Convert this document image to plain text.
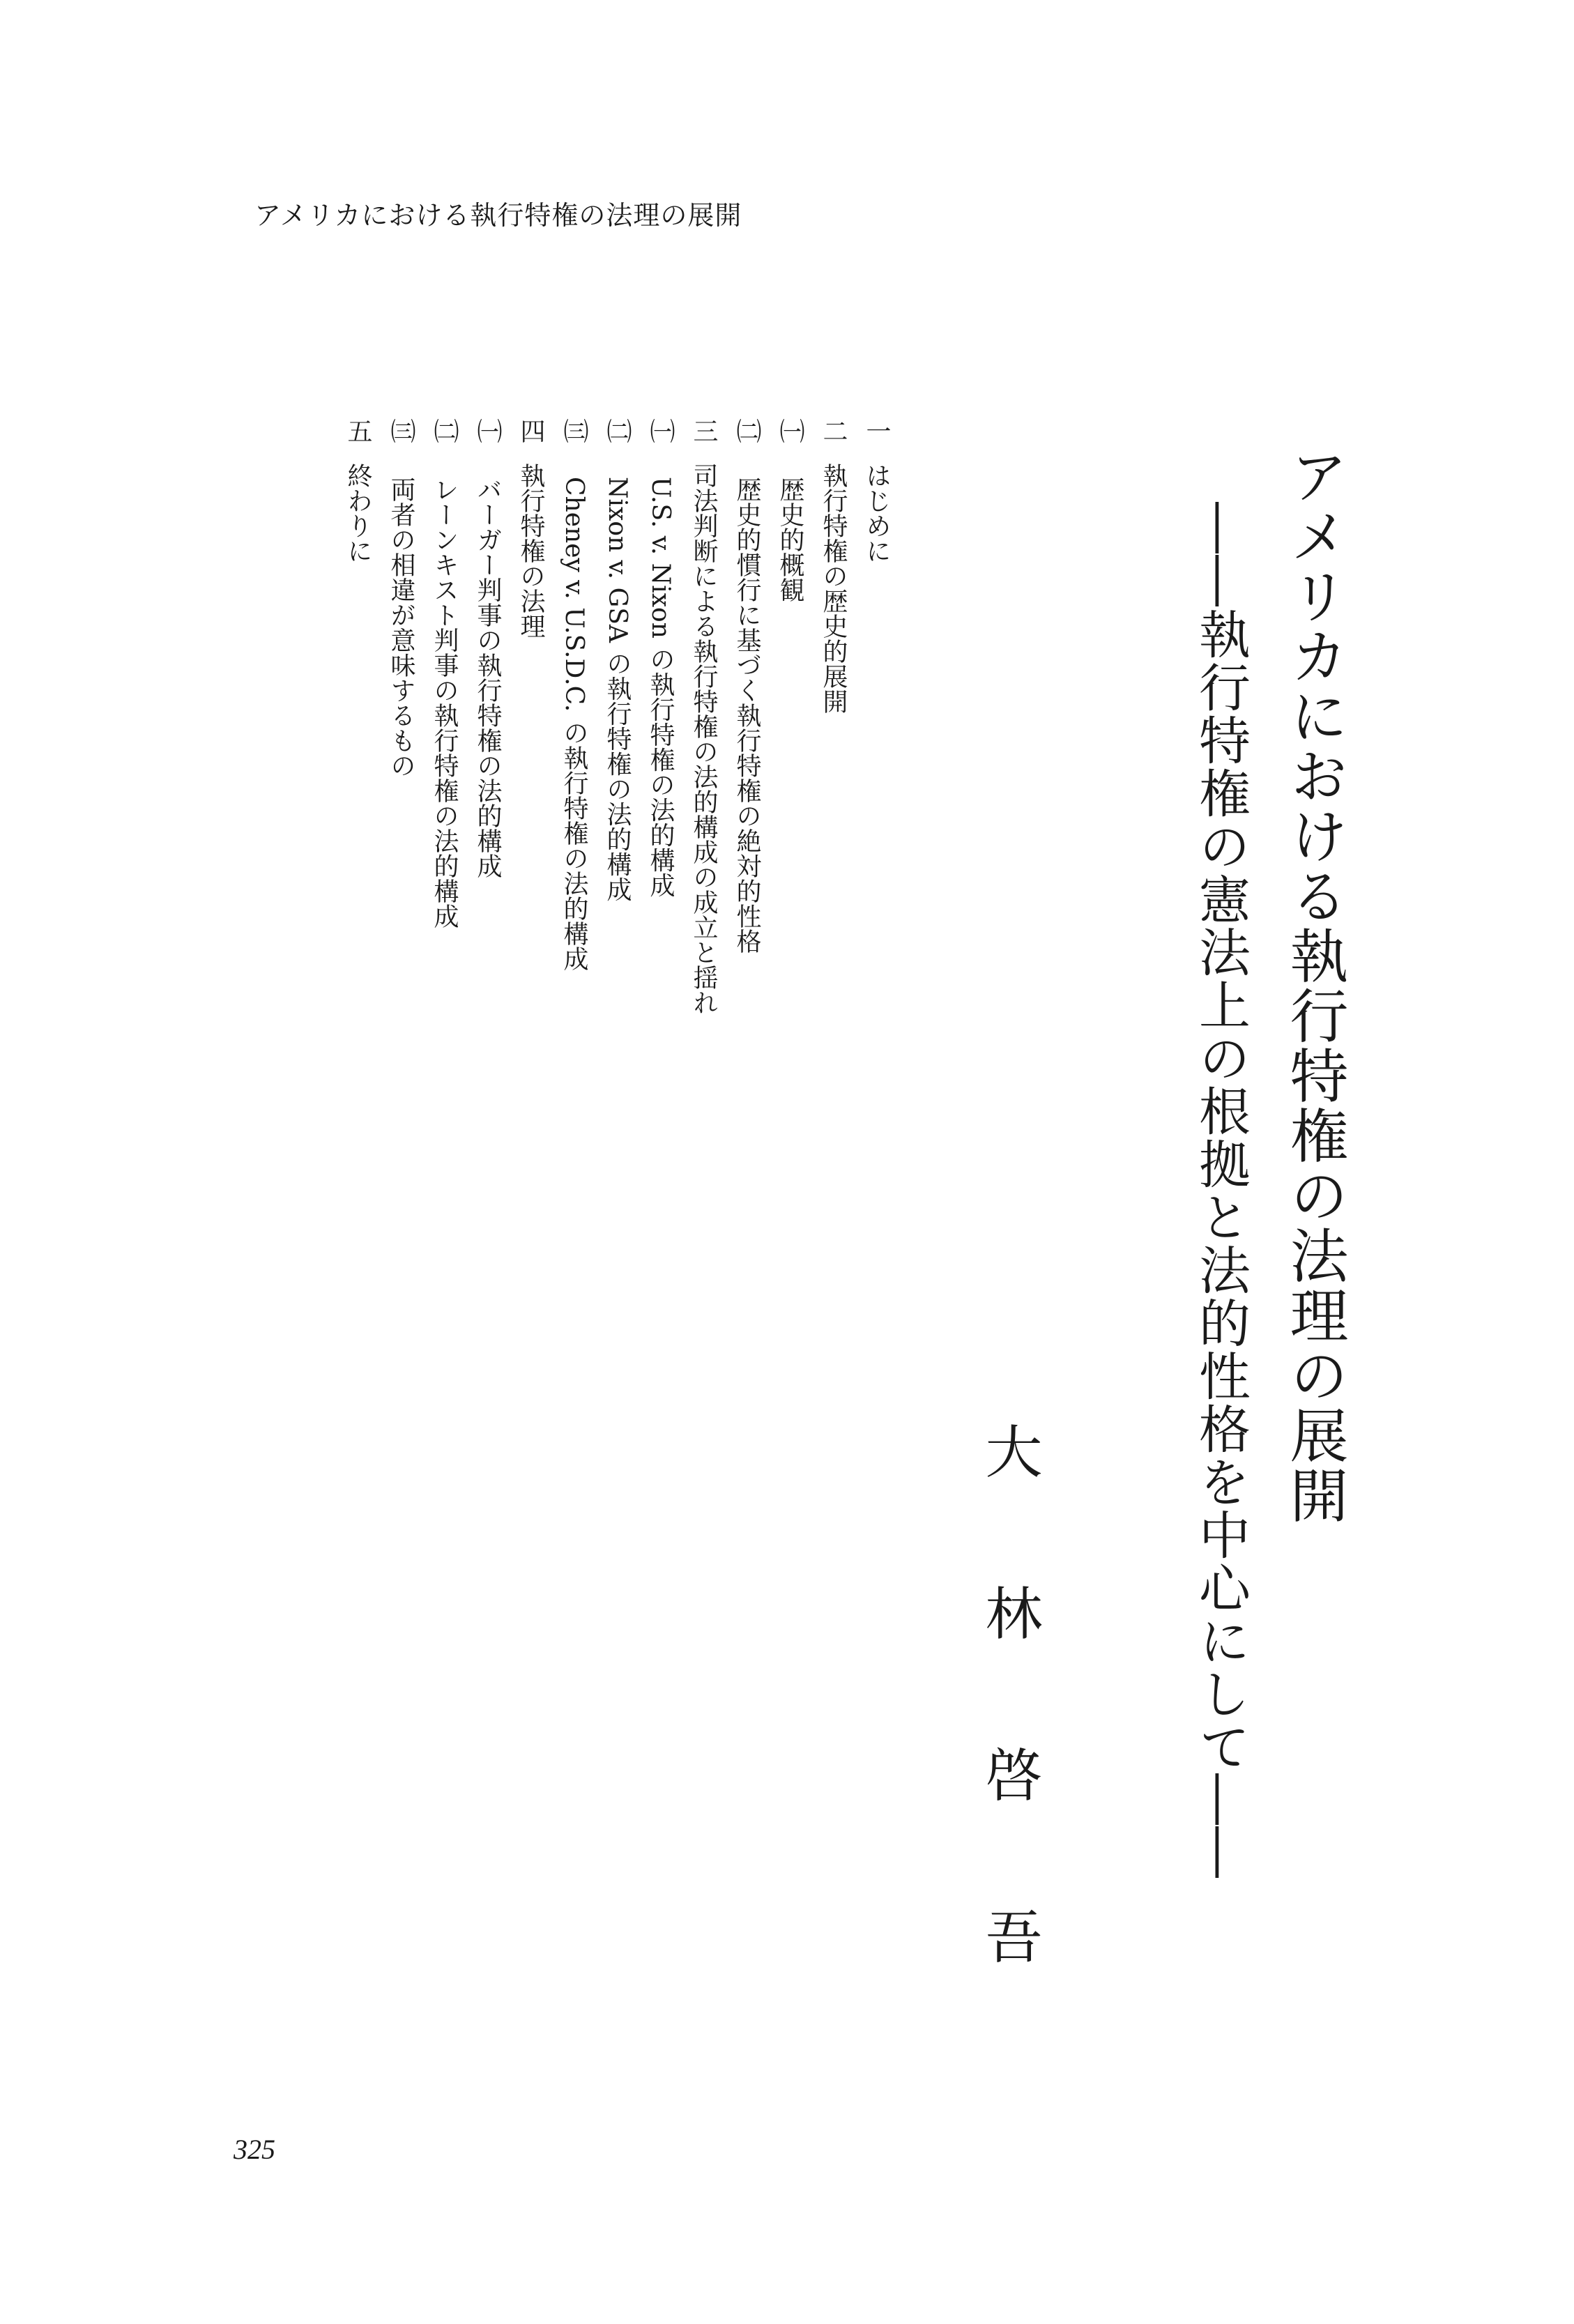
アメリカにおける執行特権の法理の展開
アメリカにおける執行特権の法理の展開
――執行特権の憲法上の根拠と法的性格を中心にして――
大林啓吾
一
はじめに
二
執行特権の歴史的展開
㈠
歴史的概観
㈡
歴史的慣行に基づく執行特権の絶対的性格
三
司法判断による執行特権の法的構成の成立と揺れ
㈠
U.S. v. Nixon の執行特権の法的構成
㈡
Nixon v. GSA の執行特権の法的構成
㈢
Cheney v. U.S.D.C. の執行特権の法的構成
四
執行特権の法理
㈠
バーガー判事の執行特権の法的構成
㈡
レーンキスト判事の執行特権の法的構成
㈢
両者の相違が意味するもの
五
終わりに
325
